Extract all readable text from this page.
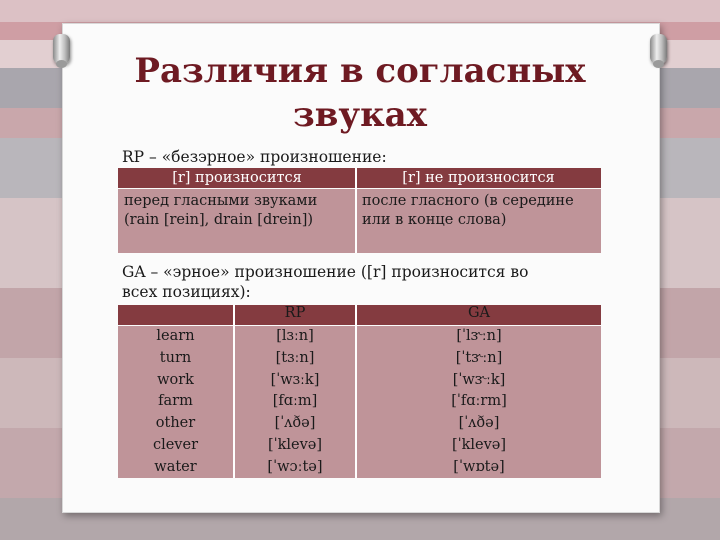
Различия в согласных
звуках
RP – «безэрное» произношение:
[r] произносится	[r] не произносится
перед гласными звуками
(rain [rein], drain [drein])
после гласного (в середине
или в конце слова)
GA – «эрное» произношение ([r] произносится во
всех позициях):
RP	GA
learn
turn
work
farm
other
clever
water
[lɜːn]
[tɜːn]
[ˈwɜːk]
[fɑːm]
[ˈʌðə]
[ˈklevə]
[ˈwɔːtə]
[ˈlɝːn]
[ˈtɝːn]
[ˈwɝːk]
[ˈfɑːrm]
[ˈʌðə]
[ˈklevə]
[ˈwɒtə]
